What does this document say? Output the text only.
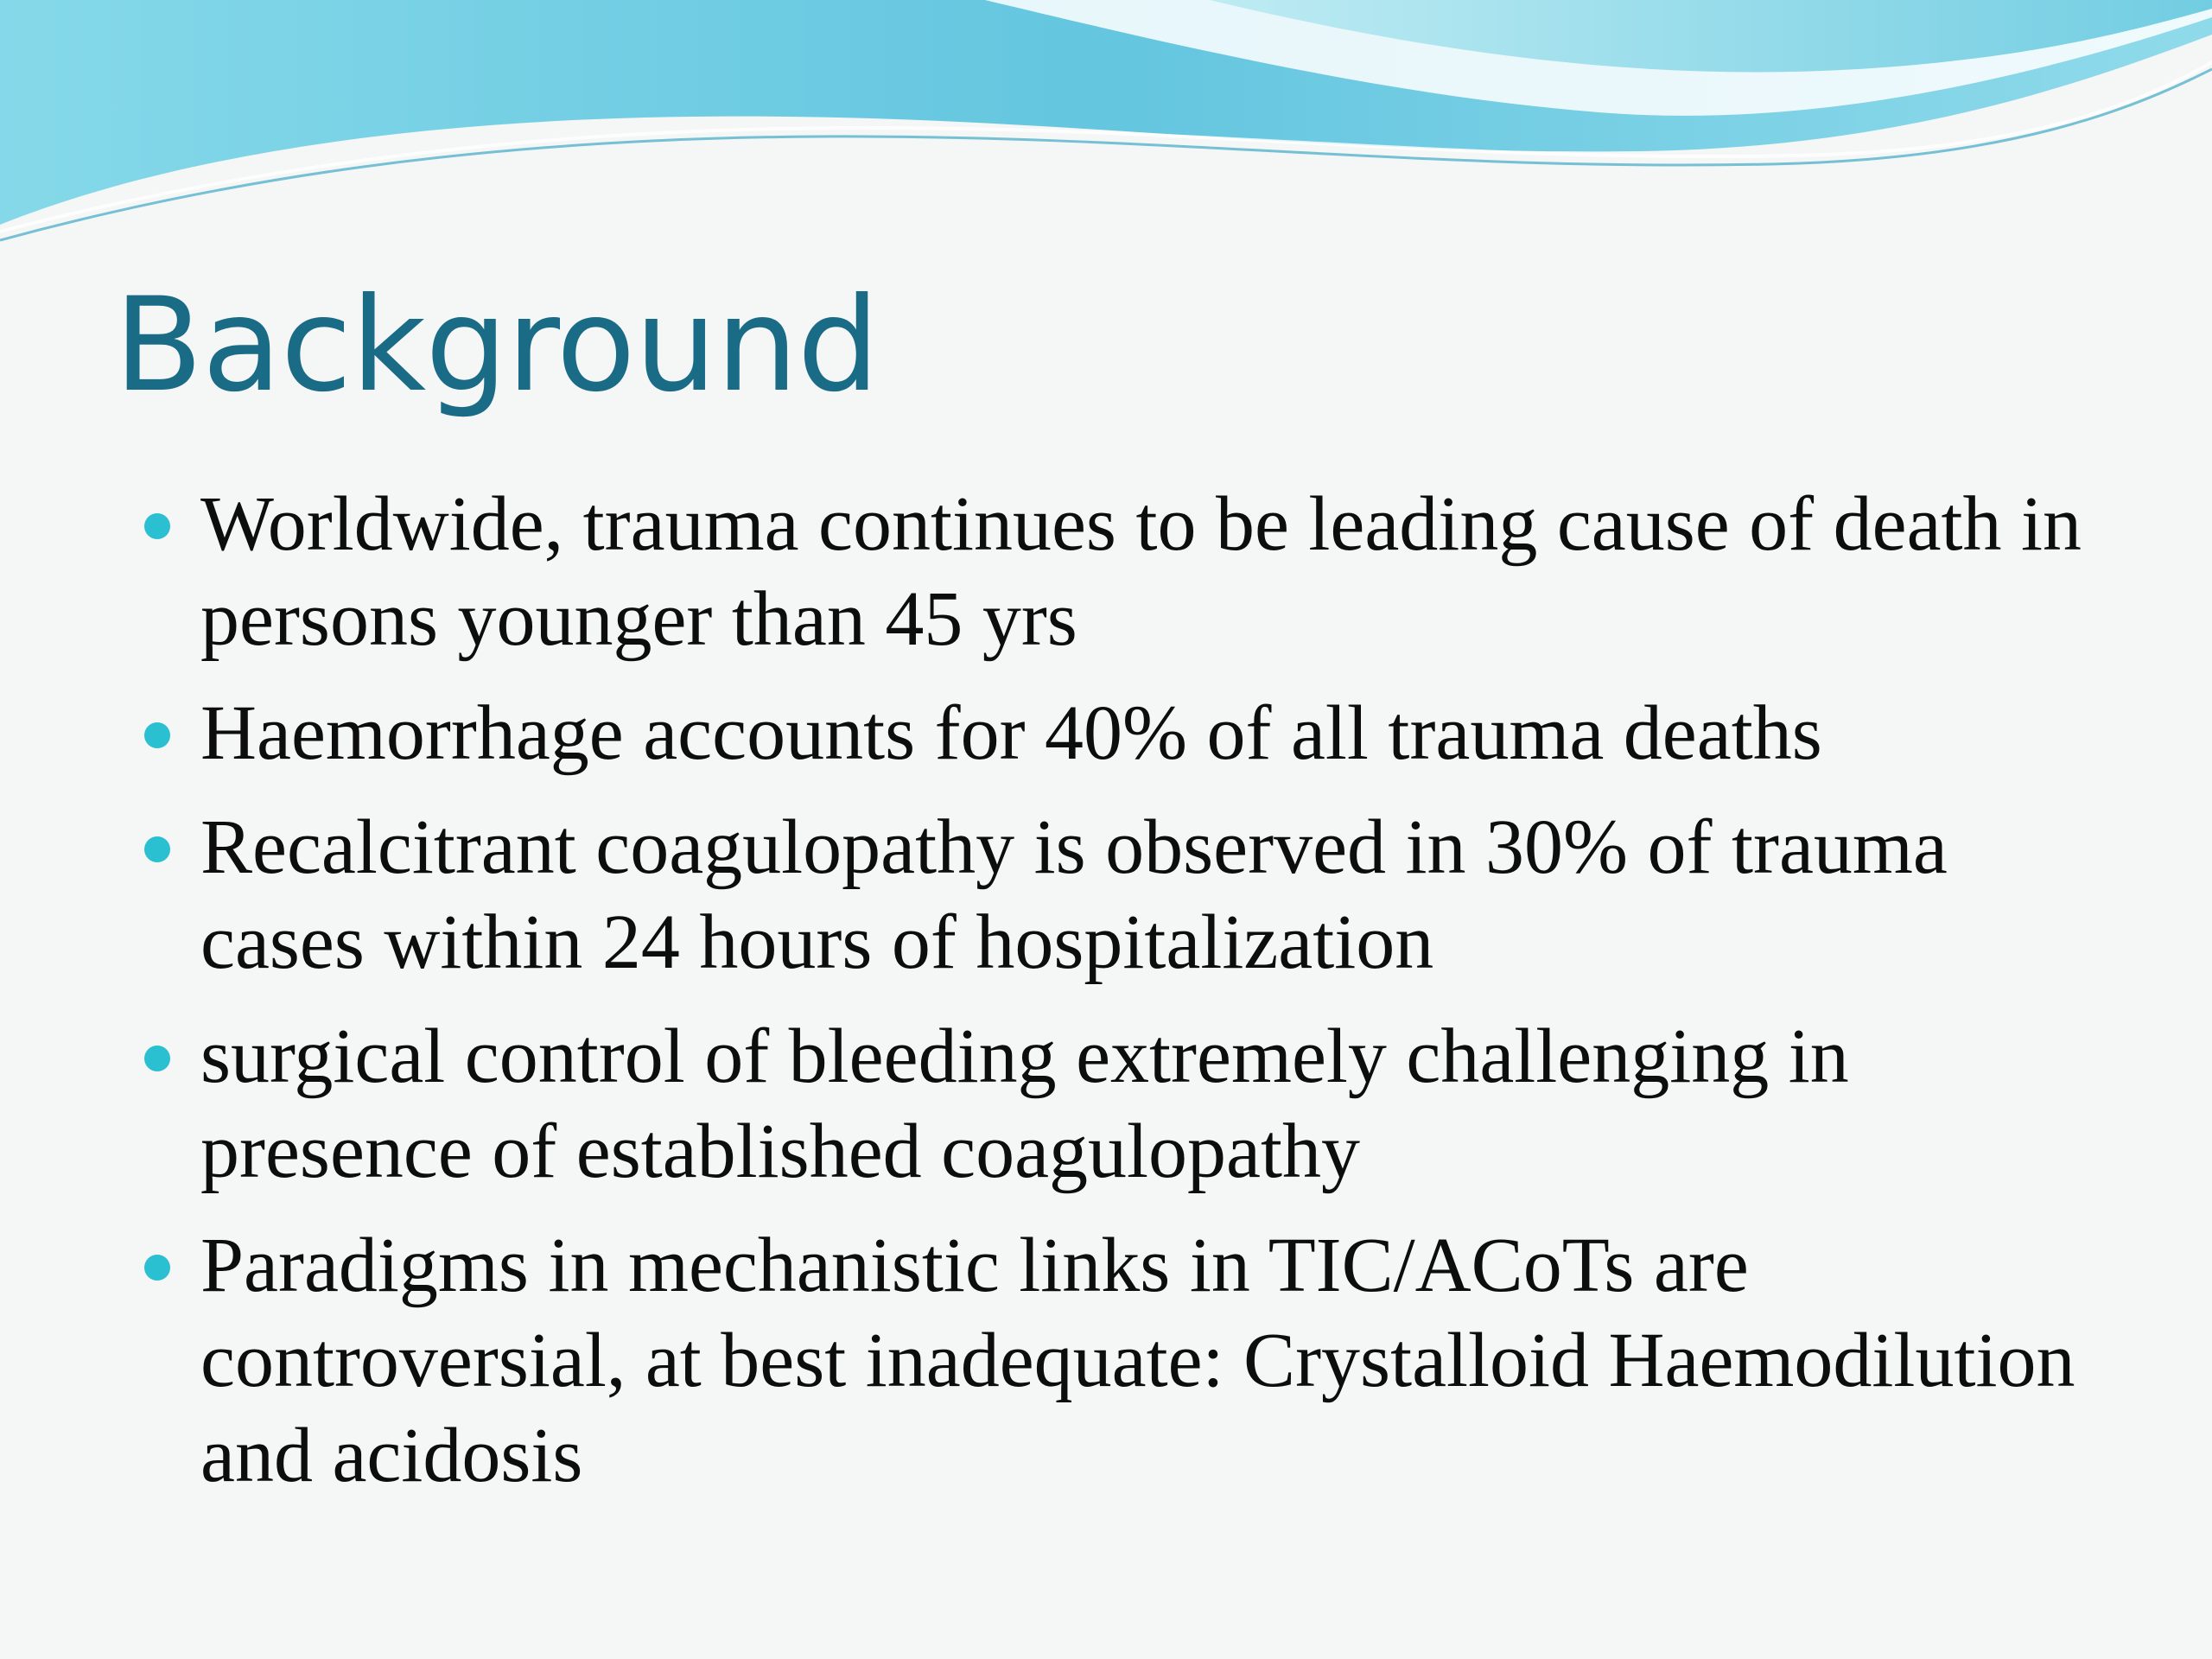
Background
Worldwide, trauma continues to be leading cause of death in persons younger than 45 yrs
Haemorrhage accounts for 40% of all trauma deaths
Recalcitrant coagulopathy is observed in 30% of trauma cases within 24 hours of hospitalization
surgical control of bleeding extremely challenging in presence of established coagulopathy
Paradigms in mechanistic links in TIC/ACoTs are controversial, at best inadequate: Crystalloid Haemodilution and acidosis
